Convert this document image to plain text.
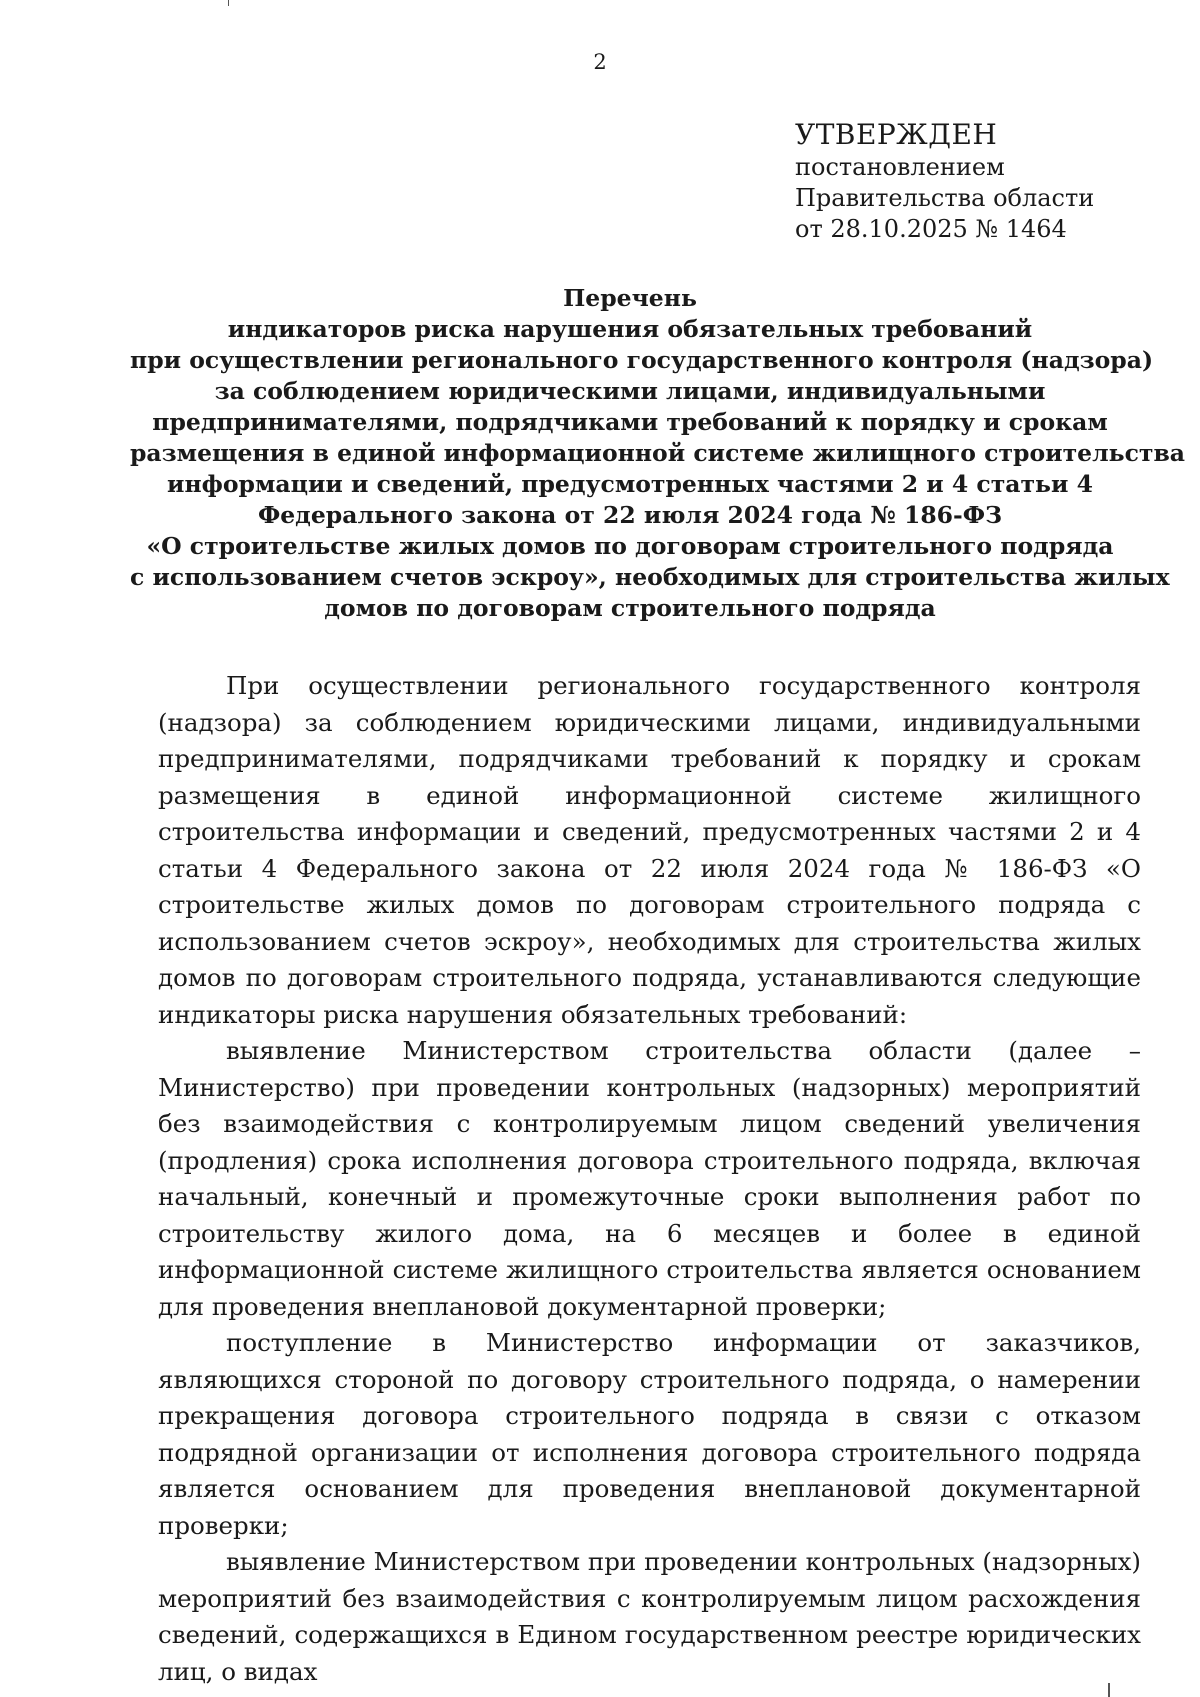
2
УТВЕРЖДЕН
постановлением
Правительства области
от 28.10.2025 № 1464
Перечень
индикаторов риска нарушения обязательных требований
при осуществлении регионального государственного контроля (надзора)
за соблюдением юридическими лицами, индивидуальными
предпринимателями, подрядчиками требований к порядку и срокам
размещения в единой информационной системе жилищного строительства
информации и сведений, предусмотренных частями 2 и 4 статьи 4
Федерального закона от 22 июля 2024 года № 186-ФЗ
«О строительстве жилых домов по договорам строительного подряда
с использованием счетов эскроу», необходимых для строительства жилых
домов по договорам строительного подряда

При осуществлении регионального государственного контроля (надзора) за соблюдением юридическими лицами, индивидуальными предпринимателями, подрядчиками требований к порядку и срокам размещения в единой информационной системе жилищного строительства информации и сведений, предусмотренных частями 2 и 4 статьи 4 Федерального закона от 22 июля 2024 года № 186-ФЗ «О строительстве жилых домов по договорам строительного подряда с использованием счетов эскроу», необходимых для строительства жилых домов по договорам строительного подряда, устанавливаются следующие индикаторы риска нарушения обязательных требований:

выявление Министерством строительства области (далее – Министерство) при проведении контрольных (надзорных) мероприятий без взаимодействия с контролируемым лицом сведений увеличения (продления) срока исполнения договора строительного подряда, включая начальный, конечный и промежуточные сроки выполнения работ по строительству жилого дома, на 6 месяцев и более в единой информационной системе жилищного строительства является основанием для проведения внеплановой документарной проверки;

поступление в Министерство информации от заказчиков, являющихся стороной по договору строительного подряда, о намерении прекращения договора строительного подряда в связи с отказом подрядной организации от исполнения договора строительного подряда является основанием для проведения внеплановой документарной проверки;

выявление Министерством при проведении контрольных (надзорных) мероприятий без взаимодействия с контролируемым лицом расхождения сведений, содержащихся в Едином государственном реестре юридических лиц, о видах
